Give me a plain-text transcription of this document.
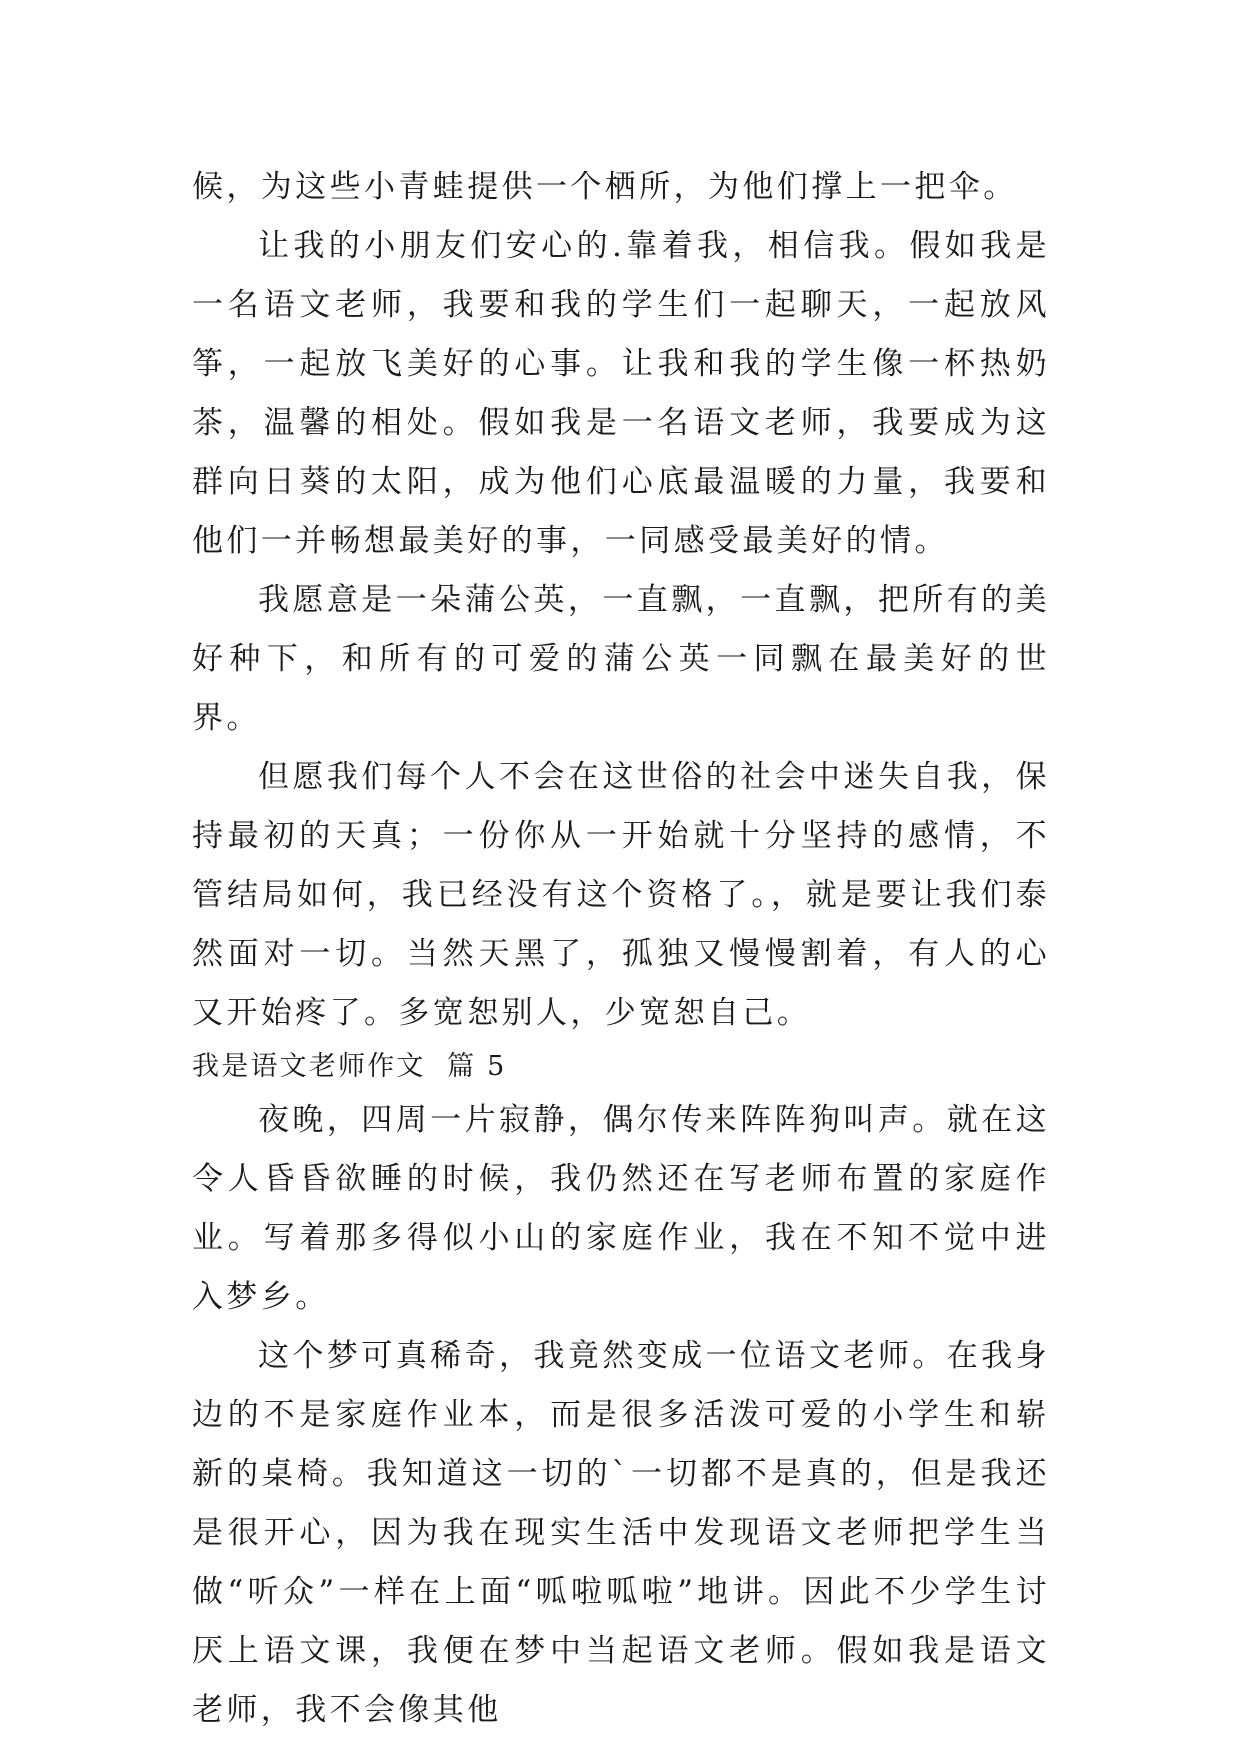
候，为这些小青蛙提供一个栖所，为他们撑上一把伞。

让我的小朋友们安心的.靠着我，相信我。假如我是一名语文老师，我要和我的学生们一起聊天，一起放风筝，一起放飞美好的心事。让我和我的学生像一杯热奶茶，温馨的相处。假如我是一名语文老师，我要成为这群向日葵的太阳，成为他们心底最温暖的力量，我要和他们一并畅想最美好的事，一同感受最美好的情。

我愿意是一朵蒲公英，一直飘，一直飘，把所有的美好种下，和所有的可爱的蒲公英一同飘在最美好的世界。

但愿我们每个人不会在这世俗的社会中迷失自我，保持最初的天真；一份你从一开始就十分坚持的感情，不管结局如何，我已经没有这个资格了。，就是要让我们泰然面对一切。当然天黑了，孤独又慢慢割着，有人的心又开始疼了。多宽恕别人，少宽恕自己。

我是语文老师作文  篇 5

夜晚，四周一片寂静，偶尔传来阵阵狗叫声。就在这令人昏昏欲睡的时候，我仍然还在写老师布置的家庭作业。写着那多得似小山的家庭作业，我在不知不觉中进入梦乡。

这个梦可真稀奇，我竟然变成一位语文老师。在我身边的不是家庭作业本，而是很多活泼可爱的小学生和崭新的桌椅。我知道这一切的`一切都不是真的，但是我还是很开心，因为我在现实生活中发现语文老师把学生当做“听众”一样在上面“呱啦呱啦”地讲。因此不少学生讨厌上语文课，我便在梦中当起语文老师。假如我是语文老师，我不会像其他
